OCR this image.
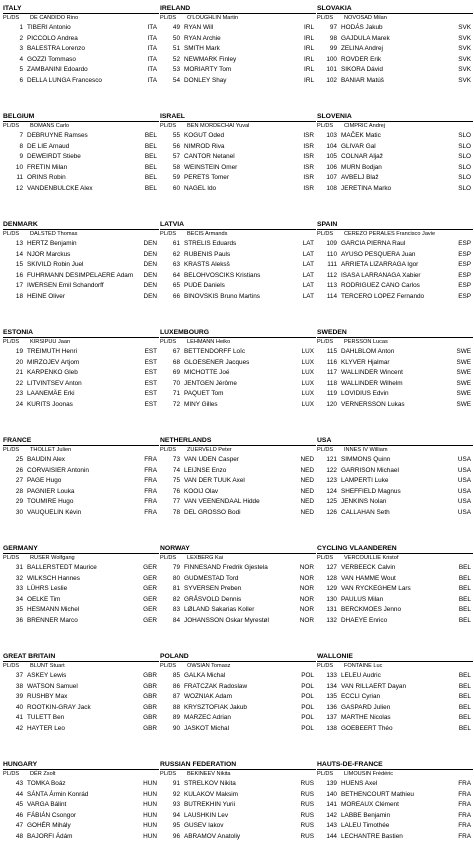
ITALY
PL/DS DE CANDIDO Rino
1 TIBERI Antonio	ITA
2 PICCOLO Andrea	ITA
3 BALESTRA Lorenzo	ITA
4 GOZZI Tommaso	ITA
5 ZAMBANINI Edoardo	ITA
6 DELLA LUNGA Francesco	ITA
BELGIUM
PL/DS BOMANS Carlo
7 DEBRUYNE Ramses	BEL
8 DE LIE Arnaud	BEL
9 DEWEIRDT Stiebe	BEL
10 FRETIN Milan	BEL
11 ORINS Robin	BEL
12 VANDENBULCKE Alex	BEL
DENMARK
PL/DS DALSTED Thomas
13 HERTZ Benjamin	DEN
14 NJOR Marckus	DEN
15 SKIVILD Robin Juel	DEN
16 FUHRMANN DESIMPELAERE Adam DEN
17 IWERSEN Emil Schandorff	DEN
18 HEINE Oliver	DEN
ESTONIA
PL/DS KIRSIPUU Jaan
19 TREIMUTH Henri	EST
20 MIRZOJEV Artjom	EST
21 KARPENKO Gleb	EST
22 LITVINTSEV Anton	EST
23 LAANEMÄE Erki	EST
24 KURITS Joonas	EST
FRANCE
PL/DS THOLLET Julien
25 BAUDIN Alex	FRA
26 CORVAISIER Antonin	FRA
27 PAGE Hugo	FRA
28 PAGNIER Louka	FRA
29 TOUMIRE Hugo	FRA
30 VAUQUELIN Kévin	FRA
GERMANY
PL/DS RUSER Wolfgang
31 BALLERSTEDT Maurice	GER
32 WILKSCH Hannes	GER
33 LÜHRS Leslie	GER
34 OELKE Tim	GER
35 HESMANN Michel	GER
36 BRENNER Marco	GER
GREAT BRITAIN
PL/DS BLUNT Stuart
37 ASKEY Lewis	GBR
38 WATSON Samuel	GBR
39 RUSHBY Max	GBR
40 ROOTKIN-GRAY Jack	GBR
41 TULETT Ben	GBR
42 HAYTER Leo	GBR
HUNGARY
PL/DS DÉR Zsolt
43 TOMKA Boáz	HUN
44 SÁNTA Ármin Konrád	HUN
45 VARGA Bálint	HUN
46 FÁBIÁN Csongor	HUN
47 GOHÉR Mihály	HUN
48 BAJORFI Ádám	HUN
IRELAND
PL/DS O'LOUGHLIN Martin
49 RYAN Will	IRL
50 RYAN Archie	IRL
51 SMITH Mark	IRL
52 NEWMARK Finley	IRL
53 MORIARTY Tom	IRL
54 DONLEY Shay	IRL
ISRAEL
PL/DS BEN MORDECHAI Yuval
55 KOGUT Oded	ISR
56 NIMROD Riva	ISR
57 CANTOR Netanel	ISR
58 WEINSTEIN Omer	ISR
59 PERETS Tomer	ISR
60 NAGEL Ido	ISR
LATVIA
PL/DS BECIS Armands
61 STRELIS Eduards	LAT
62 RUBENIS Pauls	LAT
63 KRASTS Aleksš	LAT
64 BELOHVOSCIKS Kristians	LAT
65 PUDE Daniels	LAT
66 BINOVSKIS Bruno Martins	LAT
LUXEMBOURG
PL/DS LEHMANN Heiko
67 BETTENDORFF Loïc	LUX
68 GLOESENER Jacques	LUX
69 MICHOTTE Joé	LUX
70 JENTGEN Jérôme	LUX
71 PAQUET Tom	LUX
72 MINY Gilles	LUX
NETHERLANDS
PL/DS ZUERVELD Peter
73 VAN UDEN Casper	NED
74 LEIJNSE Enzo	NED
75 VAN DER TUUK Axel	NED
76 KOOIJ Olav	NED
77 VAN VEENENDAAL Hidde	NED
78 DEL GROSSO Bodi	NED
NORWAY
PL/DS LEXBERG Kai
79 FINNESAND Fredrik Gjestela	NOR
80 GUDMESTAD Tord	NOR
81 SYVERSEN Preben	NOR
82 GRÅSVOLD Dennis	NOR
83 LØLAND Sakarias Koller	NOR
84 JOHANSSON Oskar Myrestøl	NOR
POLAND
PL/DS OWSIAN Tomasz
85 GALKA Michal	POL
86 FRATCZAK Radoslaw	POL
87 WOZNIAK Adam	POL
88 KRYSZTOFIAK Jakub	POL
89 MARZEC Adrian	POL
90 JASKOT Michal	POL
RUSSIAN FEDERATION
PL/DS BEKINEEV Nikita
91 STRELKOV Nikita	RUS
92 KULAKOV Maksim	RUS
93 BUTREKHIN Yurii	RUS
94 LAUSHKIN Lev	RUS
95 GUSEV Iakov	RUS
96 ABRAMOV Anatoliy	RUS
SLOVAKIA
PL/DS NOVOSAD Milan
97 HODÁS Jakub	SVK
98 GAJDULA Marek	SVK
99 ZELINA Andrej	SVK
100 ROVDER Erik	SVK
101 SIKORA Dávid	SVK
102 BANIAR Matúš	SVK
SLOVENIA
PL/DS CIMPRIC Andrej
103 MAČEK Matic	SLO
104 GLIVAR Gal	SLO
105 COLNAR Aljaž	SLO
106 MURN Bodjan	SLO
107 AVBELJ Blaž	SLO
108 JERETINA Marko	SLO
SPAIN
PL/DS CEREZO PERALES Francisco Javie
109 GARCIA PIERNA Raul	ESP
110 AYUSO PESQUERA Juan	ESP
111 ARRIETA LIZARRAGA Igor	ESP
112 ISASA LARRANAGA Xabier	ESP
113 RODRIGUEZ CANO Carlos	ESP
114 TERCERO LOPEZ Fernando	ESP
SWEDEN
PL/DS PERSSON Lucas
115 DAHLBLOM Anton	SWE
116 KLYVER Hjalmar	SWE
117 WALLINDER Wincent	SWE
118 WALLINDER Wilhelm	SWE
119 LOVIDIUS Edvin	SWE
120 VERNERSSON Lukas	SWE
USA
PL/DS INNES IV William
121 SIMMONS Quinn	USA
122 GARRISON Michael	USA
123 LAMPERTI Luke	USA
124 SHEFFIELD Magnus	USA
125 JENKINS Nolan	USA
126 CALLAHAN Seth	USA
CYCLING VLAANDEREN
PL/DS VERCOUILLIE Kristof
127 VERBEECK Calvin	BEL
128 VAN HAMME Wout	BEL
129 VAN RYCKEGHEM Lars	BEL
130 PAULUS Milan	BEL
131 BERCKMOES Jenno	BEL
132 DHAEYE Enrico	BEL
WALLONIE
PL/DS FONTAINE Luc
133 LELEU Audric	BEL
134 VAN RILLAERT Dayan	BEL
135 ECCLI Cyrian	BEL
136 GASPARD Julien	BEL
137 MARTHE Nicolas	BEL
138 GOEBEERT Théo	BEL
HAUTS-DE-FRANCE
PL/DS LIMOUSIN Frédéric
139 HUENS Axel	FRA
140 BETHENCOURT Mathieu	FRA
141 MOREAUX Clément	FRA
142 LABBE Benjamin	FRA
143 LALEU Timothée	FRA
144 LECHANTRE Bastien	FRA
